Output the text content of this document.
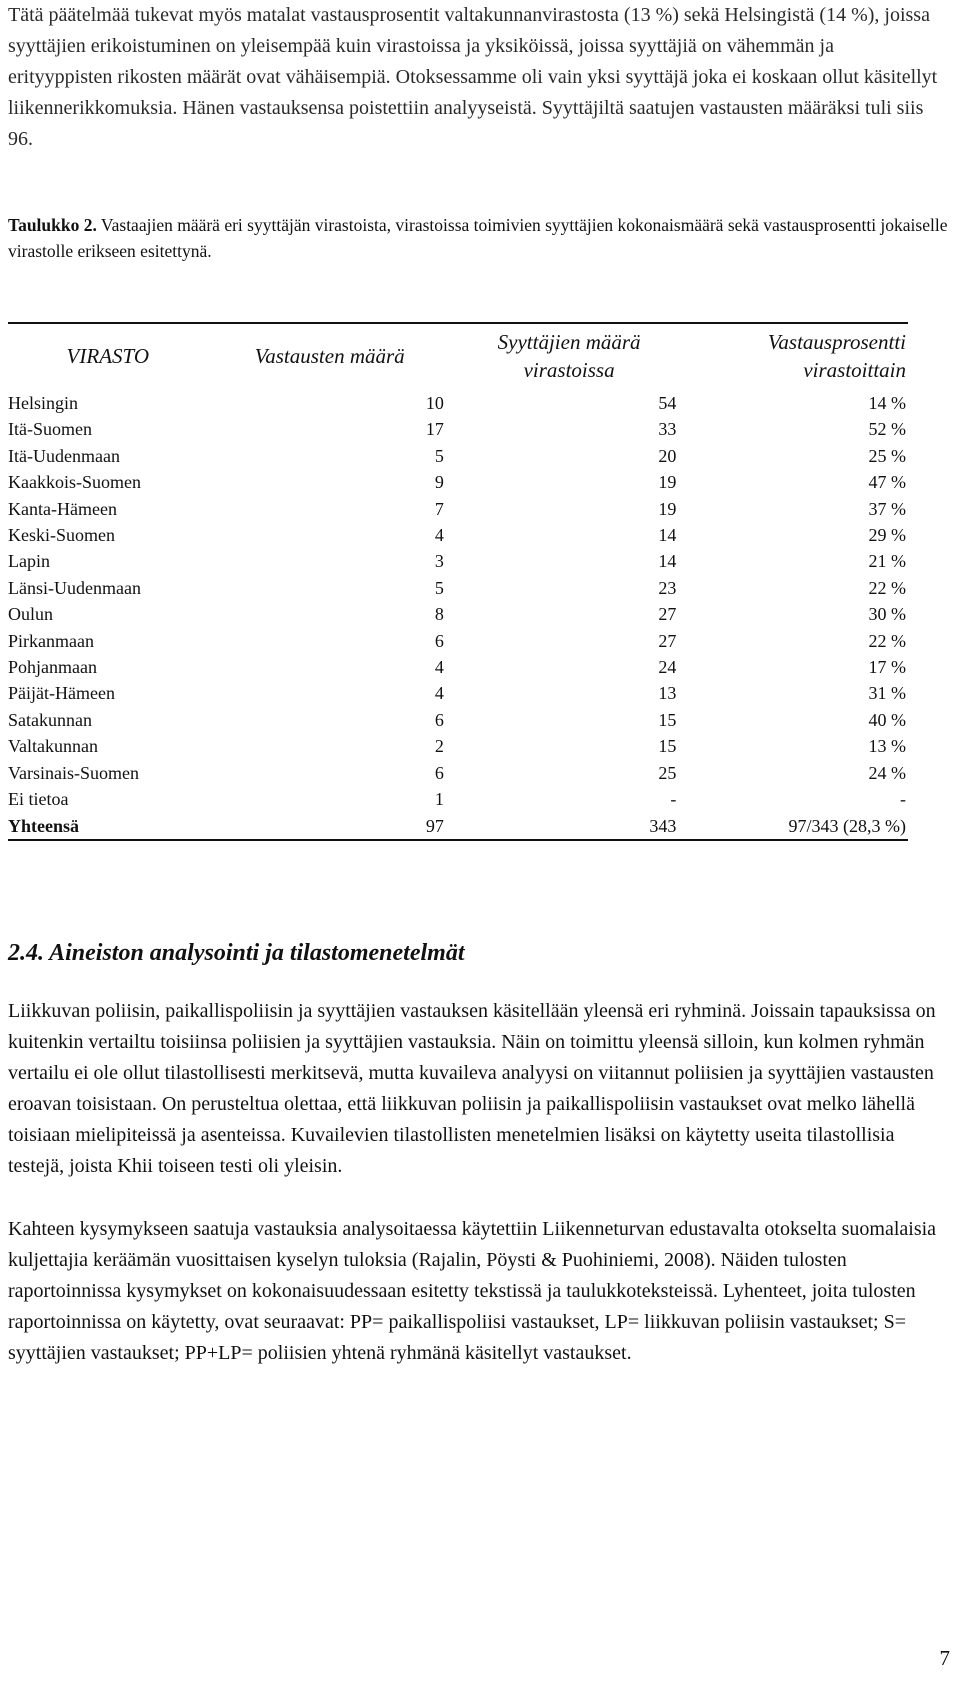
Tätä päätelmää tukevat myös matalat vastausprosentit valtakunnanvirastosta (13 %) sekä Helsingistä (14 %), joissa syyttäjien erikoistuminen on yleisempää kuin virastoissa ja yksiköissä, joissa syyttäjiä on vähemmän ja erityyppisten rikosten määrät ovat vähäisempiä. Otoksessamme oli vain yksi syyttäjä joka ei koskaan ollut käsitellyt liikennerikkomuksia. Hänen vastauksensa poistettiin analyyseistä. Syyttäjiltä saatujen vastausten määräksi tuli siis 96.

Taulukko 2. Vastaajien määrä eri syyttäjän virastoista, virastoissa toimivien syyttäjien kokonaismäärä sekä vastausprosentti jokaiselle virastolle erikseen esitettynä.

VIRASTO	Vastausten määrä	Syyttäjien määrä virastoissa	Vastausprosentti virastoittain
Helsingin	10	54	14 %
Itä-Suomen	17	33	52 %
Itä-Uudenmaan	5	20	25 %
Kaakkois-Suomen	9	19	47 %
Kanta-Hämeen	7	19	37 %
Keski-Suomen	4	14	29 %
Lapin	3	14	21 %
Länsi-Uudenmaan	5	23	22 %
Oulun	8	27	30 %
Pirkanmaan	6	27	22 %
Pohjanmaan	4	24	17 %
Päijät-Hämeen	4	13	31 %
Satakunnan	6	15	40 %
Valtakunnan	2	15	13 %
Varsinais-Suomen	6	25	24 %
Ei tietoa	1	-	-
Yhteensä	97	343	97/343 (28,3 %)
2.4. Aineiston analysointi ja tilastomenetelmät

Liikkuvan poliisin, paikallispoliisin ja syyttäjien vastauksen käsitellään yleensä eri ryhminä. Joissain tapauksissa on kuitenkin vertailtu toisiinsa poliisien ja syyttäjien vastauksia. Näin on toimittu yleensä silloin, kun kolmen ryhmän vertailu ei ole ollut tilastollisesti merkitsevä, mutta kuvaileva analyysi on viitannut poliisien ja syyttäjien vastausten eroavan toisistaan. On perusteltua olettaa, että liikkuvan poliisin ja paikallispoliisin vastaukset ovat melko lähellä toisiaan mielipiteissä ja asenteissa. Kuvailevien tilastollisten menetelmien lisäksi on käytetty useita tilastollisia testejä, joista Khii toiseen testi oli yleisin.

Kahteen kysymykseen saatuja vastauksia analysoitaessa käytettiin Liikenneturvan edustavalta otokselta suomalaisia kuljettajia keräämän vuosittaisen kyselyn tuloksia (Rajalin, Pöysti & Puohiniemi, 2008). Näiden tulosten raportoinnissa kysymykset on kokonaisuudessaan esitetty tekstissä ja taulukkoteksteissä. Lyhenteet, joita tulosten raportoinnissa on käytetty, ovat seuraavat: PP= paikallispoliisi vastaukset, LP= liikkuvan poliisin vastaukset; S= syyttäjien vastaukset; PP+LP= poliisien yhtenä ryhmänä käsitellyt vastaukset.

7
